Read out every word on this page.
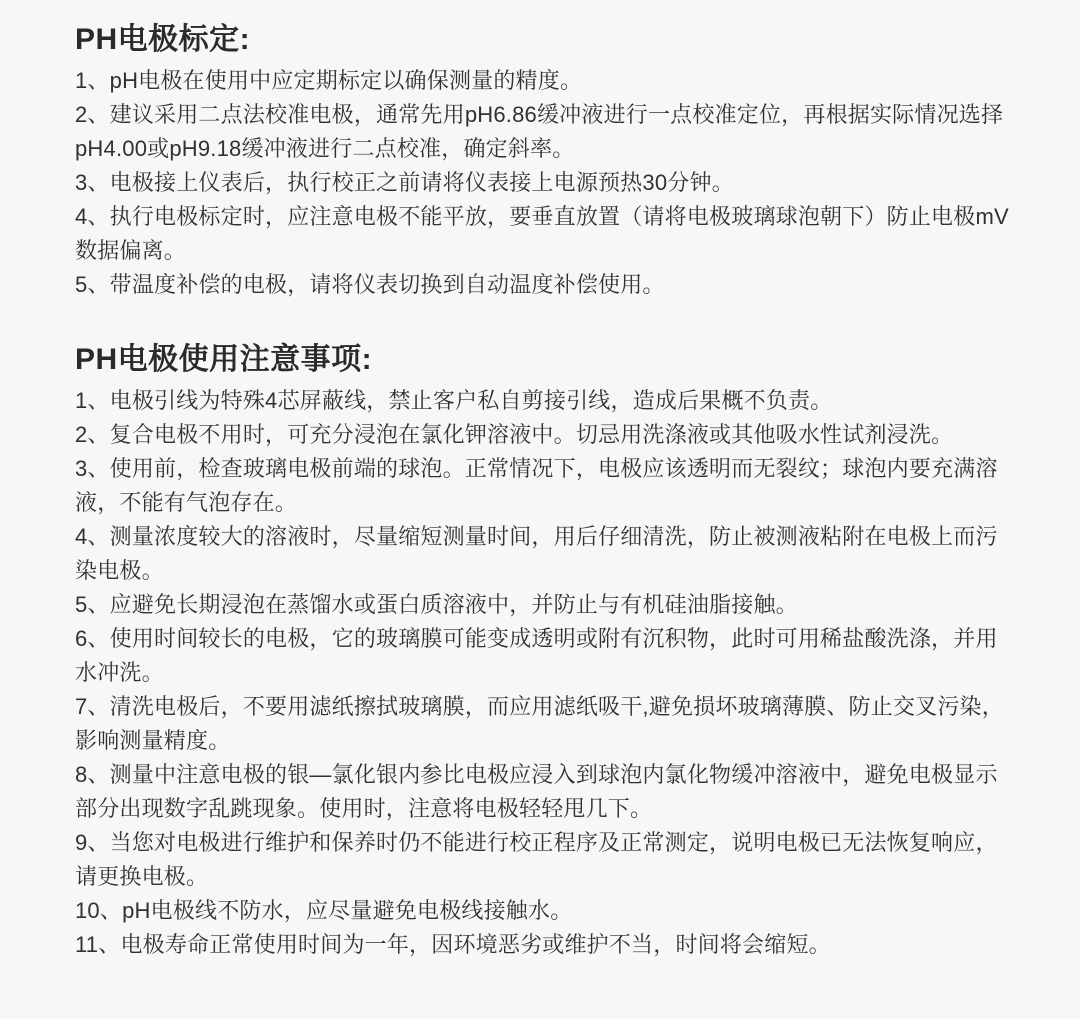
PH电极标定:

1、pH电极在使用中应定期标定以确保测量的精度。

2、建议采用二点法校准电极，通常先用pH6.86缓冲液进行一点校准定位，再根据实际情况选择pH4.00或pH9.18缓冲液进行二点校准，确定斜率。

3、电极接上仪表后，执行校正之前请将仪表接上电源预热30分钟。

4、执行电极标定时，应注意电极不能平放，要垂直放置（请将电极玻璃球泡朝下）防止电极mV数据偏离。

5、带温度补偿的电极，请将仪表切换到自动温度补偿使用。

PH电极使用注意事项:

1、电极引线为特殊4芯屏蔽线，禁止客户私自剪接引线，造成后果概不负责。

2、复合电极不用时，可充分浸泡在氯化钾溶液中。切忌用洗涤液或其他吸水性试剂浸洗。

3、使用前，检查玻璃电极前端的球泡。正常情况下，电极应该透明而无裂纹；球泡内要充满溶液，不能有气泡存在。

4、测量浓度较大的溶液时，尽量缩短测量时间，用后仔细清洗，防止被测液粘附在电极上而污染电极。

5、应避免长期浸泡在蒸馏水或蛋白质溶液中，并防止与有机硅油脂接触。

6、使用时间较长的电极，它的玻璃膜可能变成透明或附有沉积物，此时可用稀盐酸洗涤，并用水冲洗。

7、清洗电极后，不要用滤纸擦拭玻璃膜，而应用滤纸吸干,避免损坏玻璃薄膜、防止交叉污染，影响测量精度。

8、测量中注意电极的银—氯化银内参比电极应浸入到球泡内氯化物缓冲溶液中，避免电极显示部分出现数字乱跳现象。使用时，注意将电极轻轻甩几下。

9、当您对电极进行维护和保养时仍不能进行校正程序及正常测定，说明电极已无法恢复响应，请更换电极。

10、pH电极线不防水，应尽量避免电极线接触水。

11、电极寿命正常使用时间为一年，因环境恶劣或维护不当，时间将会缩短。
